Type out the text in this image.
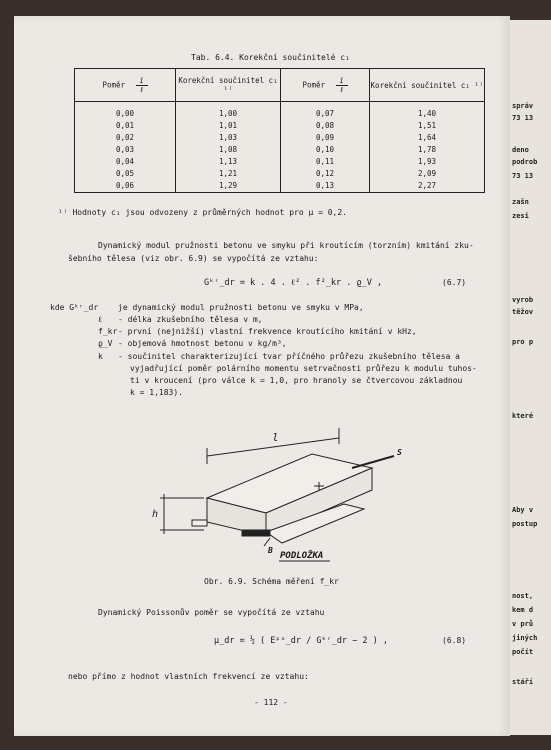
Tab. 6.4. Korekční součinitelé c₁
Poměr $\frac{i}{\text{ℓ}}$	Korekční součinitel c₁ ¹⁾	Poměr $\frac{i}{\text{ℓ}}$	Korekční součinitel c₁ ¹⁾
0,00	1,00	0,07	1,40
0,01	1,01	0,08	1,51
0,02	1,03	0,09	1,64
0,03	1,08	0,10	1,78
0,04	1,13	0,11	1,93
0,05	1,21	0,12	2,09
0,06	1,29	0,13	2,27
¹⁾ Hodnoty c₁ jsou odvozeny z průměrných hodnot pro μ = 0,2.
Dynamický modul pružnosti betonu ve smyku při kroutícím (torzním) kmitání zku-
šebního tělesa (viz obr. 6.9) se vypočítá ze vztahu:
Gᵏʳ_dr = k . 4 . ℓ² . f²_kr . ϱ_V ,	(6.7)
kde Gᵏʳ_dr je dynamický modul pružnosti betonu ve smyku v MPa,
ℓ - délka zkušebního tělesa v m,
f_kr - první (nejnižší) vlastní frekvence kroutícího kmitání v kHz,
ϱ_V - objemová hmotnost betonu v kg/m³,
k - součinitel charakterizující tvar příčného průřezu zkušebního tělesa a
vyjadřující poměr polárního momentu setrvačnosti průřezu k modulu tuhos-
ti v kroucení (pro válce k = 1,0, pro hranoly se čtvercovou základnou
k = 1,183).
l
h
S
B
PODLOŽKA
Obr. 6.9. Schéma měření f_kr
Dynamický Poissonův poměr se vypočítá ze vztahu
μ_dr = ½ ( Eᵖᵒ_dr / Gᵏʳ_dr − 2 ) ,	(6.8)
nebo přímo z hodnot vlastních frekvencí ze vztahu:
- 112 -
správ
73 13
deno
podrob
73 13
zašn
zesi
vyrob
těžov
pro p
které
Aby v
postup
nost,
kem d
v prů
jiných
počít
stáří
